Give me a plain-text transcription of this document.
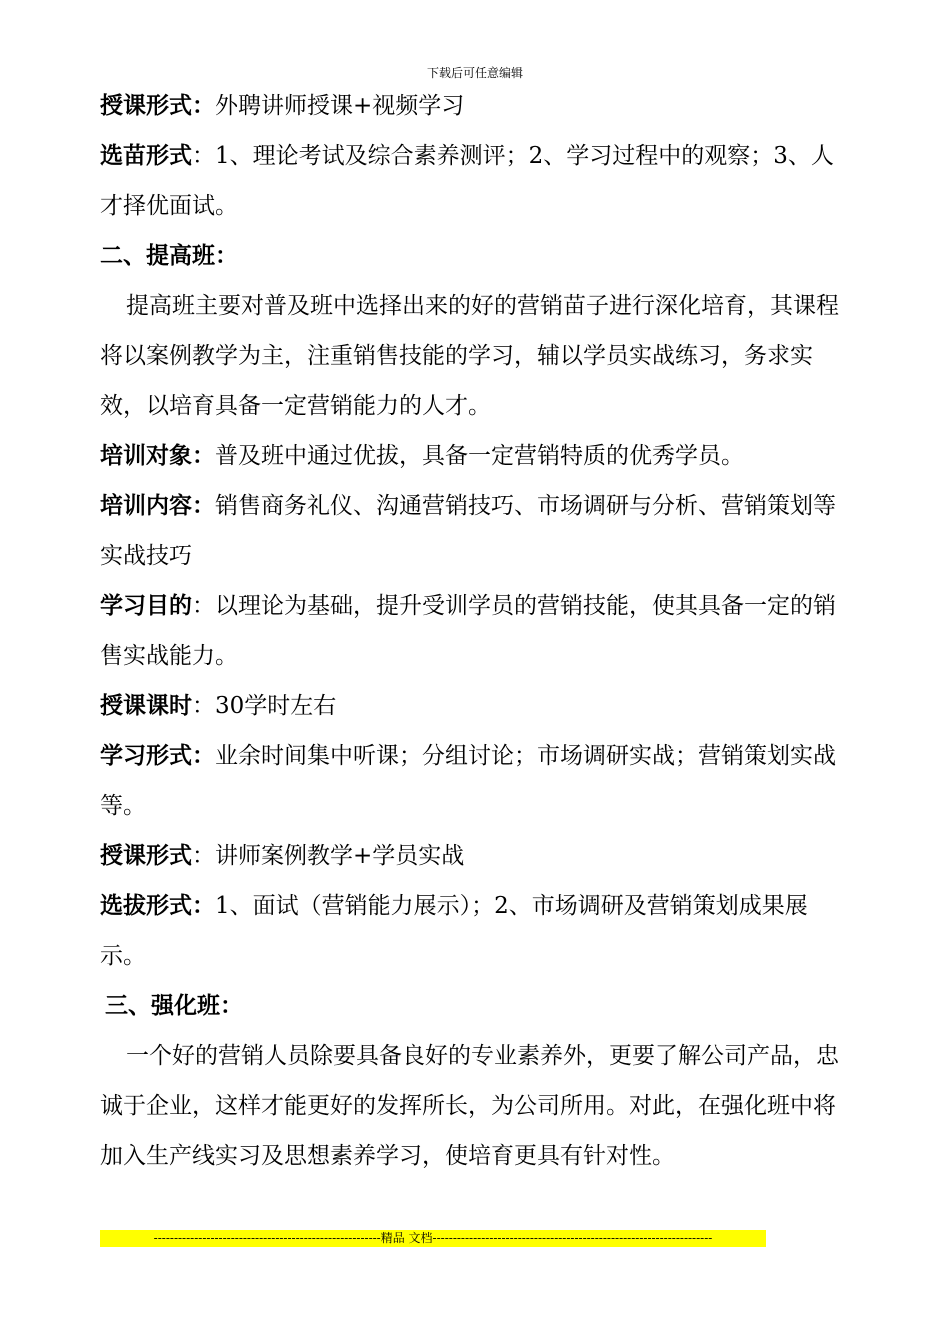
下载后可任意编辑

授课形式：外聘讲师授课+视频学习

选苗形式：1、理论考试及综合素养测评；2、学习过程中的观察；3、人才择优面试。

二、提高班：

提高班主要对普及班中选择出来的好的营销苗子进行深化培育，其课程将以案例教学为主，注重销售技能的学习，辅以学员实战练习，务求实效，以培育具备一定营销能力的人才。

培训对象：普及班中通过优拔，具备一定营销特质的优秀学员。

培训内容：销售商务礼仪、沟通营销技巧、市场调研与分析、营销策划等实战技巧

学习目的：以理论为基础，提升受训学员的营销技能，使其具备一定的销售实战能力。

授课课时：30学时左右

学习形式：业余时间集中听课；分组讨论；市场调研实战；营销策划实战等。

授课形式：讲师案例教学+学员实战

选拔形式：1、面试（营销能力展示）；2、市场调研及营销策划成果展示。

三、强化班：

一个好的营销人员除要具备良好的专业素养外，更要了解公司产品，忠诚于企业，这样才能更好的发挥所长，为公司所用。对此，在强化班中将加入生产线实习及思想素养学习，使培育更具有针对性。

--------------------------------------------------------精品 文档---------------------------------------------------------------------
